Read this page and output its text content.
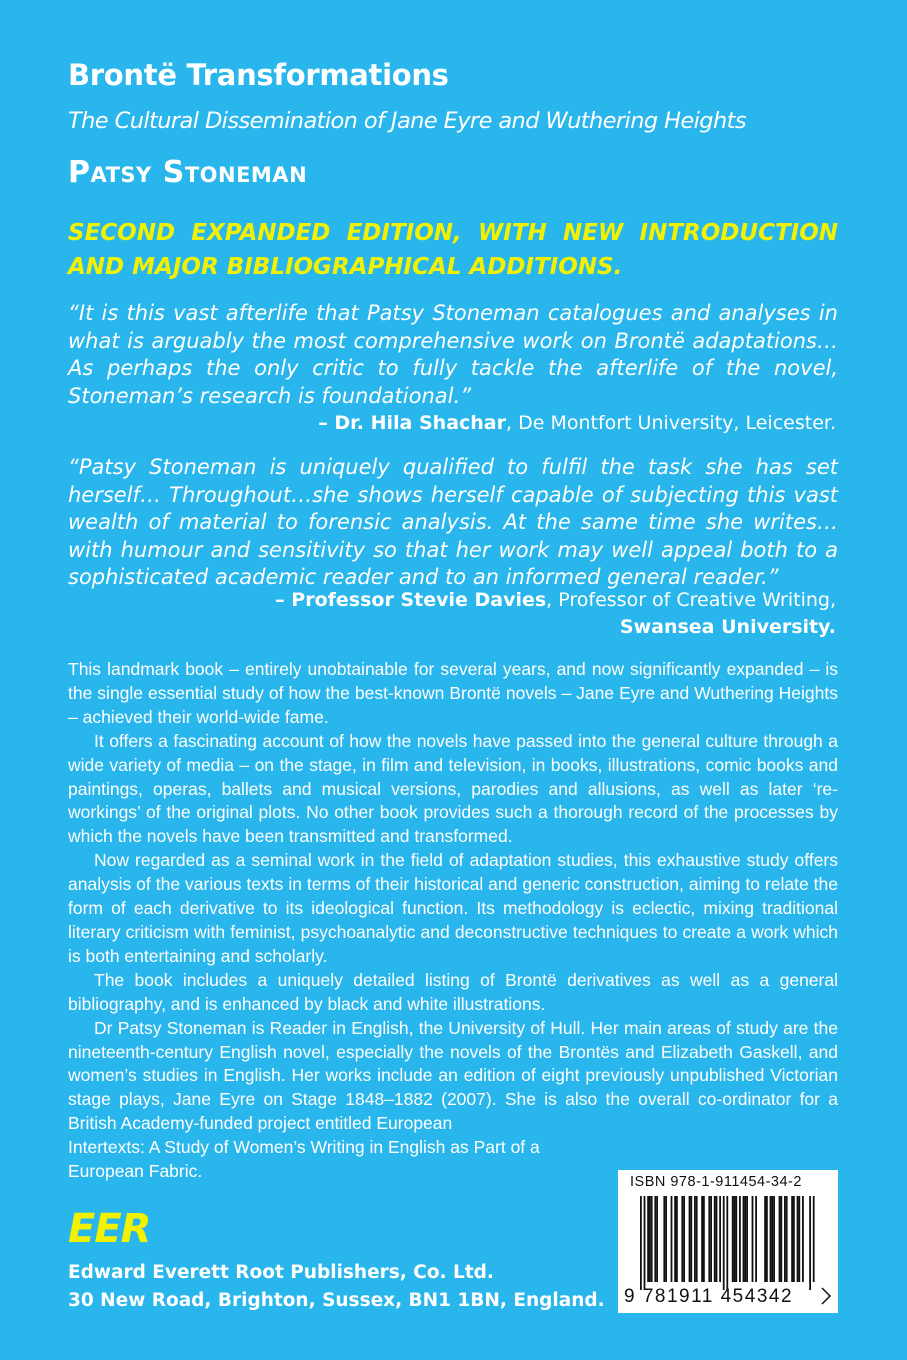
Brontë Transformations

The Cultural Dissemination of Jane Eyre and Wuthering Heights

Patsy Stoneman

SECOND EXPANDED EDITION, WITH NEW INTRODUCTION AND MAJOR BIBLIOGRAPHICAL ADDITIONS.

“It is this vast afterlife that Patsy Stoneman catalogues and analyses in what is arguably the most comprehensive work on Brontë adaptations… As perhaps the only critic to fully tackle the afterlife of the novel, Stoneman’s research is foundational.”

– Dr. Hila Shachar, De Montfort University, Leicester.

“Patsy Stoneman is uniquely qualified to fulfil the task she has set herself… Throughout…she shows herself capable of subjecting this vast wealth of material to forensic analysis. At the same time she writes…with humour and sensitivity so that her work may well appeal both to a sophisticated academic reader and to an informed general reader.”

– Professor Stevie Davies, Professor of Creative Writing,
Swansea University.

This landmark book – entirely unobtainable for several years, and now significantly expanded – is the single essential study of how the best-known Brontë novels – Jane Eyre and Wuthering Heights – achieved their world-wide fame.

It offers a fascinating account of how the novels have passed into the general culture through a wide variety of media – on the stage, in film and television, in books, illustrations, comic books and paintings, operas, ballets and musical versions, parodies and allusions, as well as later ‘re-workings’ of the original plots. No other book provides such a thorough record of the processes by which the novels have been transmitted and transformed.

Now regarded as a seminal work in the field of adaptation studies, this exhaustive study offers analysis of the various texts in terms of their historical and generic construction, aiming to relate the form of each derivative to its ideological function. Its methodology is eclectic, mixing traditional literary criticism with feminist, psychoanalytic and deconstructive techniques to create a work which is both entertaining and scholarly.

The book includes a uniquely detailed listing of Brontë derivatives as well as a general bibliography, and is enhanced by black and white illustrations.

Dr Patsy Stoneman is Reader in English, the University of Hull. Her main areas of study are the nineteenth-century English novel, especially the novels of the Brontës and Elizabeth Gaskell, and women’s studies in English. Her works include an edition of eight previously unpublished Victorian stage plays, Jane Eyre on Stage 1848–1882 (2007). She is also the overall co-ordinator for a British Academy-funded project entitled European

Intertexts: A Study of Women’s Writing in English as Part of a

European Fabric.

ISBN 978-1-911454-34-2
9 781911 454342

EER

Edward Everett Root Publishers, Co. Ltd.
30 New Road, Brighton, Sussex, BN1 1BN, England.
